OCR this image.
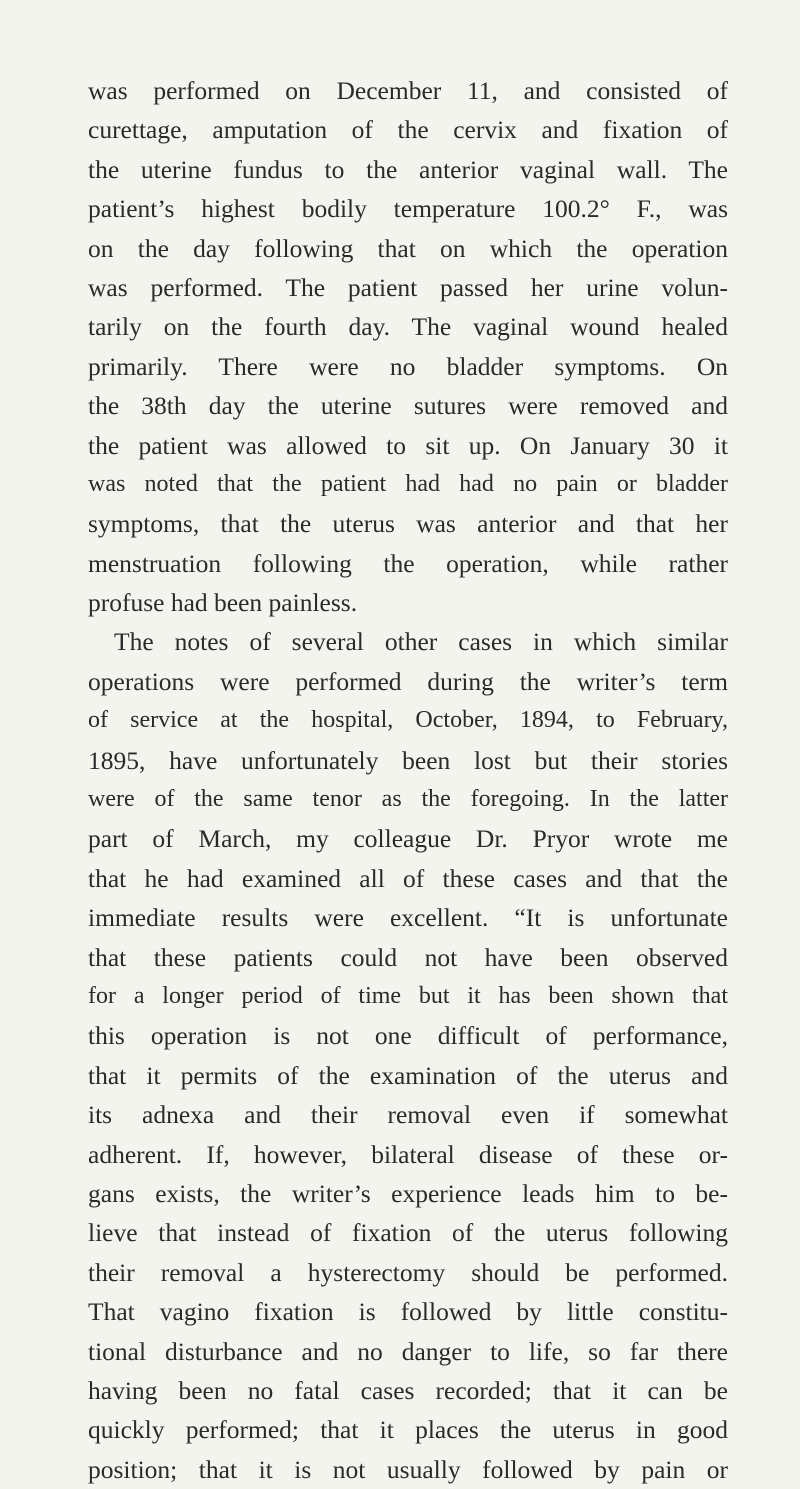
was performed on December 11, and consisted of
curettage, amputation of the cervix and fixation of
the uterine fundus to the anterior vaginal wall. The
patient’s highest bodily temperature 100.2° F., was
on the day following that on which the operation
was performed. The patient passed her urine volun-
tarily on the fourth day. The vaginal wound healed
primarily. There were no bladder symptoms. On
the 38th day the uterine sutures were removed and
the patient was allowed to sit up. On January 30 it
was noted that the patient had had no pain or bladder
symptoms, that the uterus was anterior and that her
menstruation following the operation, while rather
profuse had been painless.
The notes of several other cases in which similar
operations were performed during the writer’s term
of service at the hospital, October, 1894, to February,
1895, have unfortunately been lost but their stories
were of the same tenor as the foregoing. In the latter
part of March, my colleague Dr. Pryor wrote me
that he had examined all of these cases and that the
immediate results were excellent. “It is unfortunate
that these patients could not have been observed
for a longer period of time but it has been shown that
this operation is not one difficult of performance,
that it permits of the examination of the uterus and
its adnexa and their removal even if somewhat
adherent. If, however, bilateral disease of these or-
gans exists, the writer’s experience leads him to be-
lieve that instead of fixation of the uterus following
their removal a hysterectomy should be performed.
That vagino fixation is followed by little constitu-
tional disturbance and no danger to life, so far there
having been no fatal cases recorded; that it can be
quickly performed; that it places the uterus in good
position; that it is not usually followed by pain or
